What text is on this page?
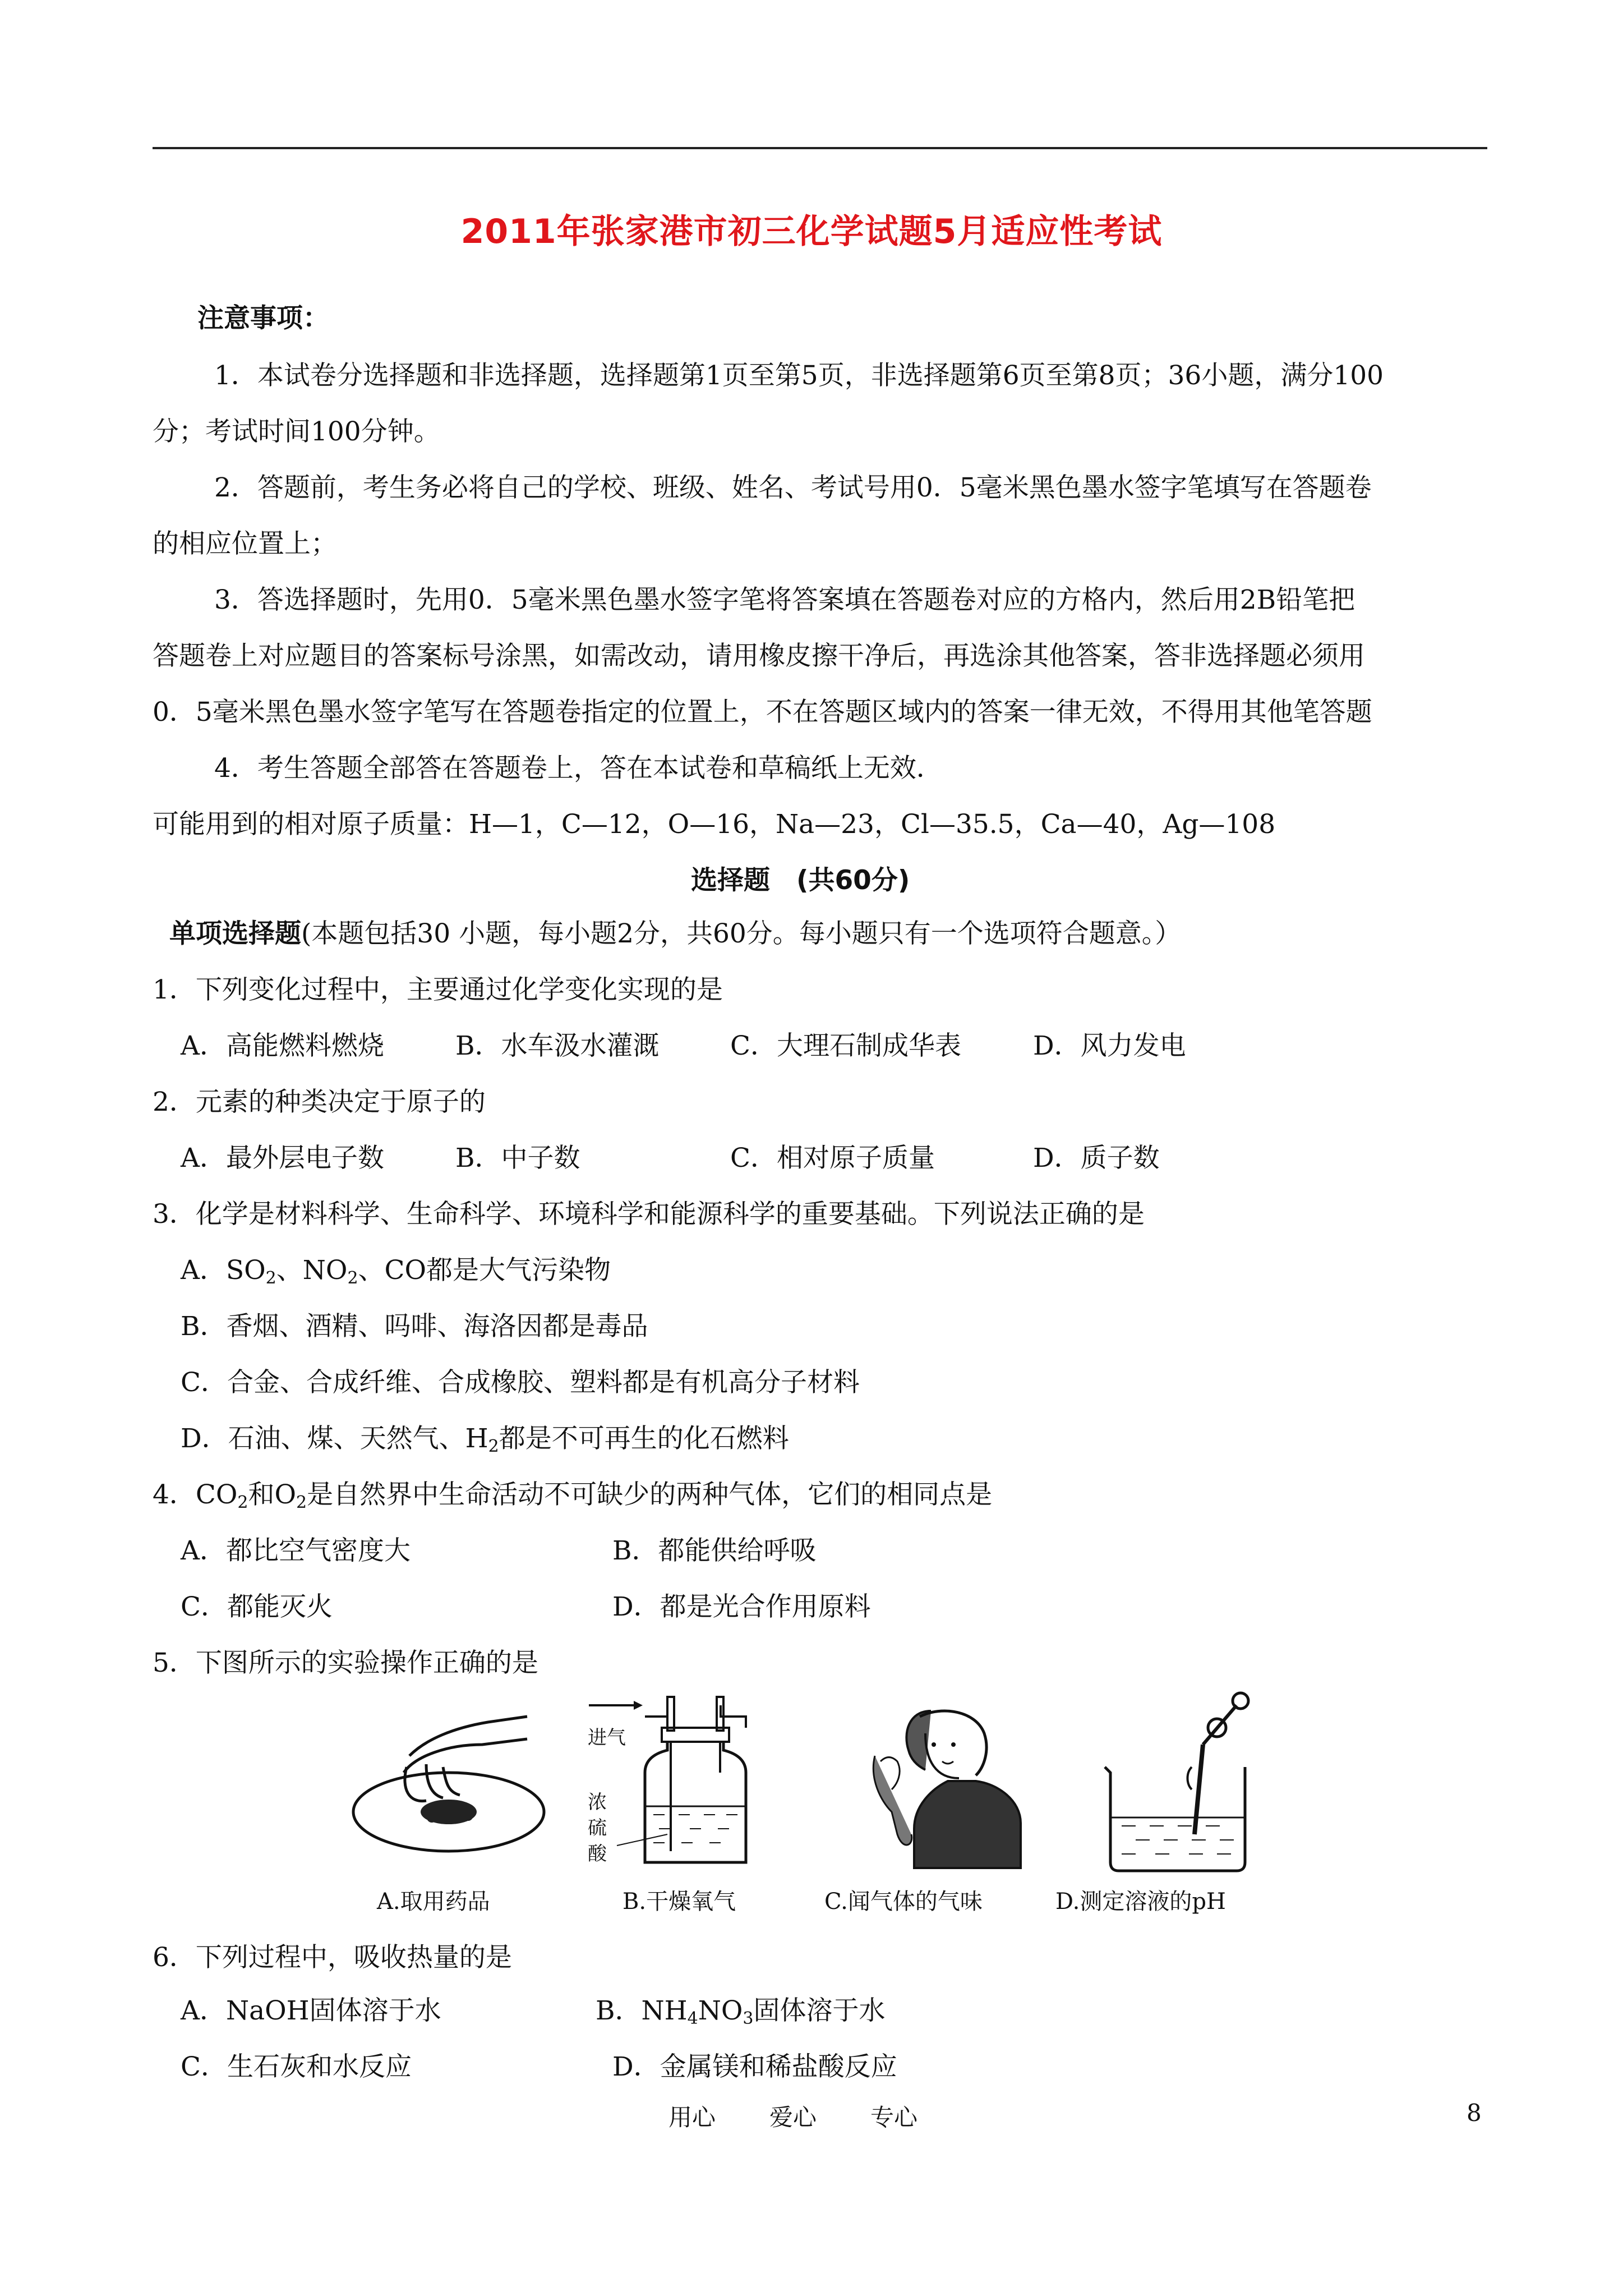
2011年张家港市初三化学试题5月适应性考试
注意事项：
1．本试卷分选择题和非选择题，选择题第1页至第5页，非选择题第6页至第8页；36小题，满分100
分；考试时间100分钟。
2．答题前，考生务必将自己的学校、班级、姓名、考试号用0．5毫米黑色墨水签字笔填写在答题卷
的相应位置上；
3．答选择题时，先用0．5毫米黑色墨水签字笔将答案填在答题卷对应的方格内，然后用2B铅笔把
答题卷上对应题目的答案标号涂黑，如需改动，请用橡皮擦干净后，再选涂其他答案，答非选择题必须用
0．5毫米黑色墨水签字笔写在答题卷指定的位置上，不在答题区域内的答案一律无效，不得用其他笔答题
4．考生答题全部答在答题卷上，答在本试卷和草稿纸上无效．
可能用到的相对原子质量：H—1，C—12，O—16，Na—23，Cl—35.5，Ca—40，Ag—108
选择题　(共60分)
单项选择题(本题包括30 小题，每小题2分，共60分。每小题只有一个选项符合题意。）
1．下列变化过程中，主要通过化学变化实现的是
A．高能燃料燃烧	B．水车汲水灌溉	C．大理石制成华表	D．风力发电
2．元素的种类决定于原子的
A．最外层电子数	B．中子数	C．相对原子质量	D．质子数
3．化学是材料科学、生命科学、环境科学和能源科学的重要基础。下列说法正确的是
A．$SO_2$、$NO_2$、CO都是大气污染物
B．香烟、酒精、吗啡、海洛因都是毒品
C．合金、合成纤维、合成橡胶、塑料都是有机高分子材料
D．石油、煤、天然气、$H_2$都是不可再生的化石燃料
4．$CO_2$和$O_2$是自然界中生命活动不可缺少的两种气体，它们的相同点是
A．都比空气密度大	B．都能供给呼吸
C．都能灭火	D．都是光合作用原料
5．下图所示的实验操作正确的是
A.取用药品
进气
浓
硫
酸
B.干燥氧气	C.闻气体的气味	D.测定溶液的pH
6．下列过程中，吸收热量的是
A．NaOH固体溶于水	B．$NH_4NO_3$固体溶于水
C．生石灰和水反应	D．金属镁和稀盐酸反应
用心 爱心 专心	8
